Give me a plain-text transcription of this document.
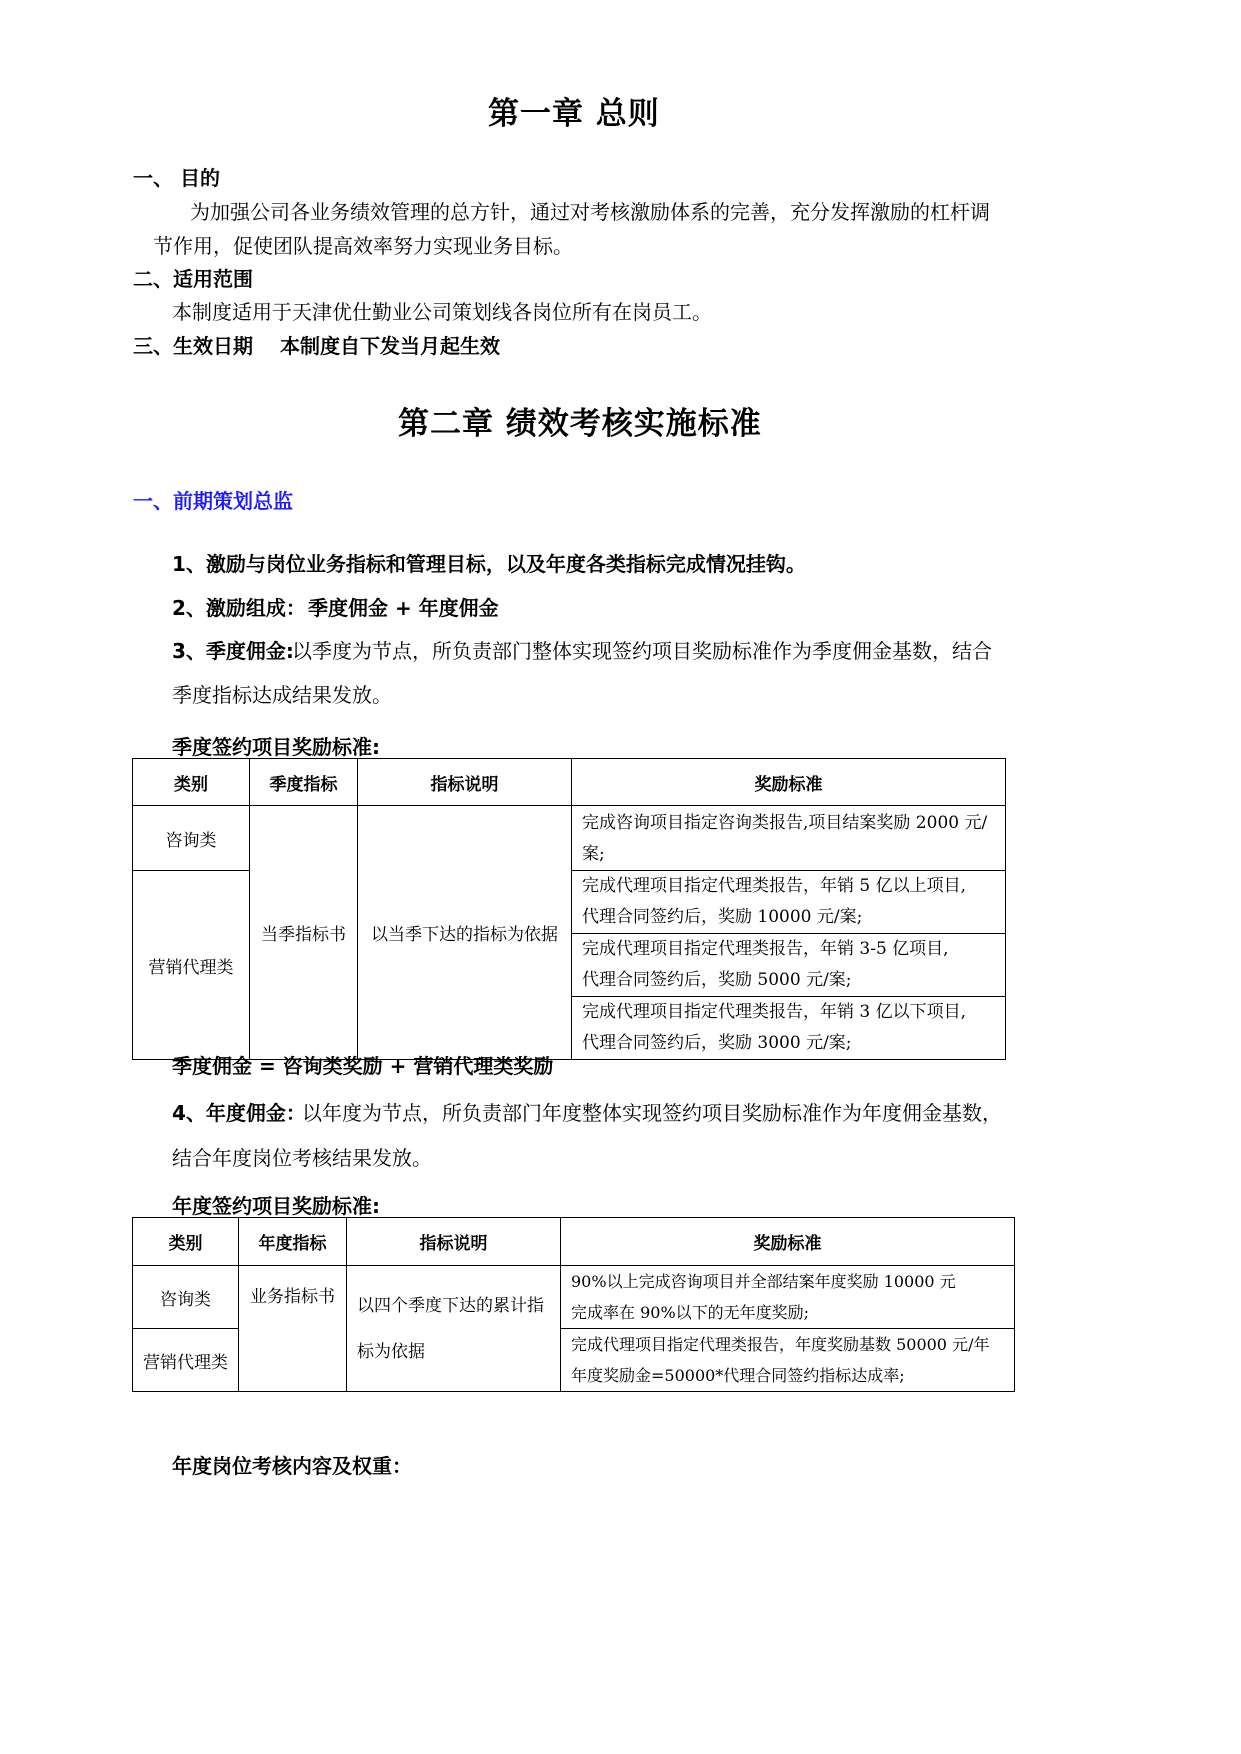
第一章 总则
一、 目的
为加强公司各业务绩效管理的总方针，通过对考核激励体系的完善，充分发挥激励的杠杆调
节作用，促使团队提高效率努力实现业务目标。
二、适用范围
本制度适用于天津优仕勤业公司策划线各岗位所有在岗员工。
三、生效日期 本制度自下发当月起生效
第二章 绩效考核实施标准
一、前期策划总监
1、激励与岗位业务指标和管理目标，以及年度各类指标完成情况挂钩。
2、激励组成： 季度佣金 + 年度佣金
3、季度佣金:
以季度为节点，所负责部门整体实现签约项目奖励标准作为季度佣金基数，结合
季度指标达成结果发放。
季度签约项目奖励标准:
类别	季度指标	指标说明	奖励标准
咨询类	当季指标书	以当季下达的指标为依据	完成咨询项目指定咨询类报告,项目结案奖励 2000 元/案;

营销代理类			完成代理项目指定代理类报告，年销 5 亿以上项目,
代理合同签约后，奖励 10000 元/案;

			完成代理项目指定代理类报告，年销 3-5 亿项目,
代理合同签约后，奖励 5000 元/案;

			完成代理项目指定代理类报告，年销 3 亿以下项目,
代理合同签约后，奖励 3000 元/案;
季度佣金 = 咨询类奖励 + 营销代理类奖励
4、年度佣金：
以年度为节点，所负责部门年度整体实现签约项目奖励标准作为年度佣金基数，
结合年度岗位考核结果发放。
年度签约项目奖励标准:
类别	年度指标	指标说明	奖励标准
咨询类	业务指标书	以四个季度下达的累计指
标为依据	90%以上完成咨询项目并全部结案年度奖励 10000 元
完成率在 90%以下的无年度奖励;

营销代理类			完成代理项目指定代理类报告，年度奖励基数 50000 元/年
年度奖励金=50000*代理合同签约指标达成率;
年度岗位考核内容及权重：
